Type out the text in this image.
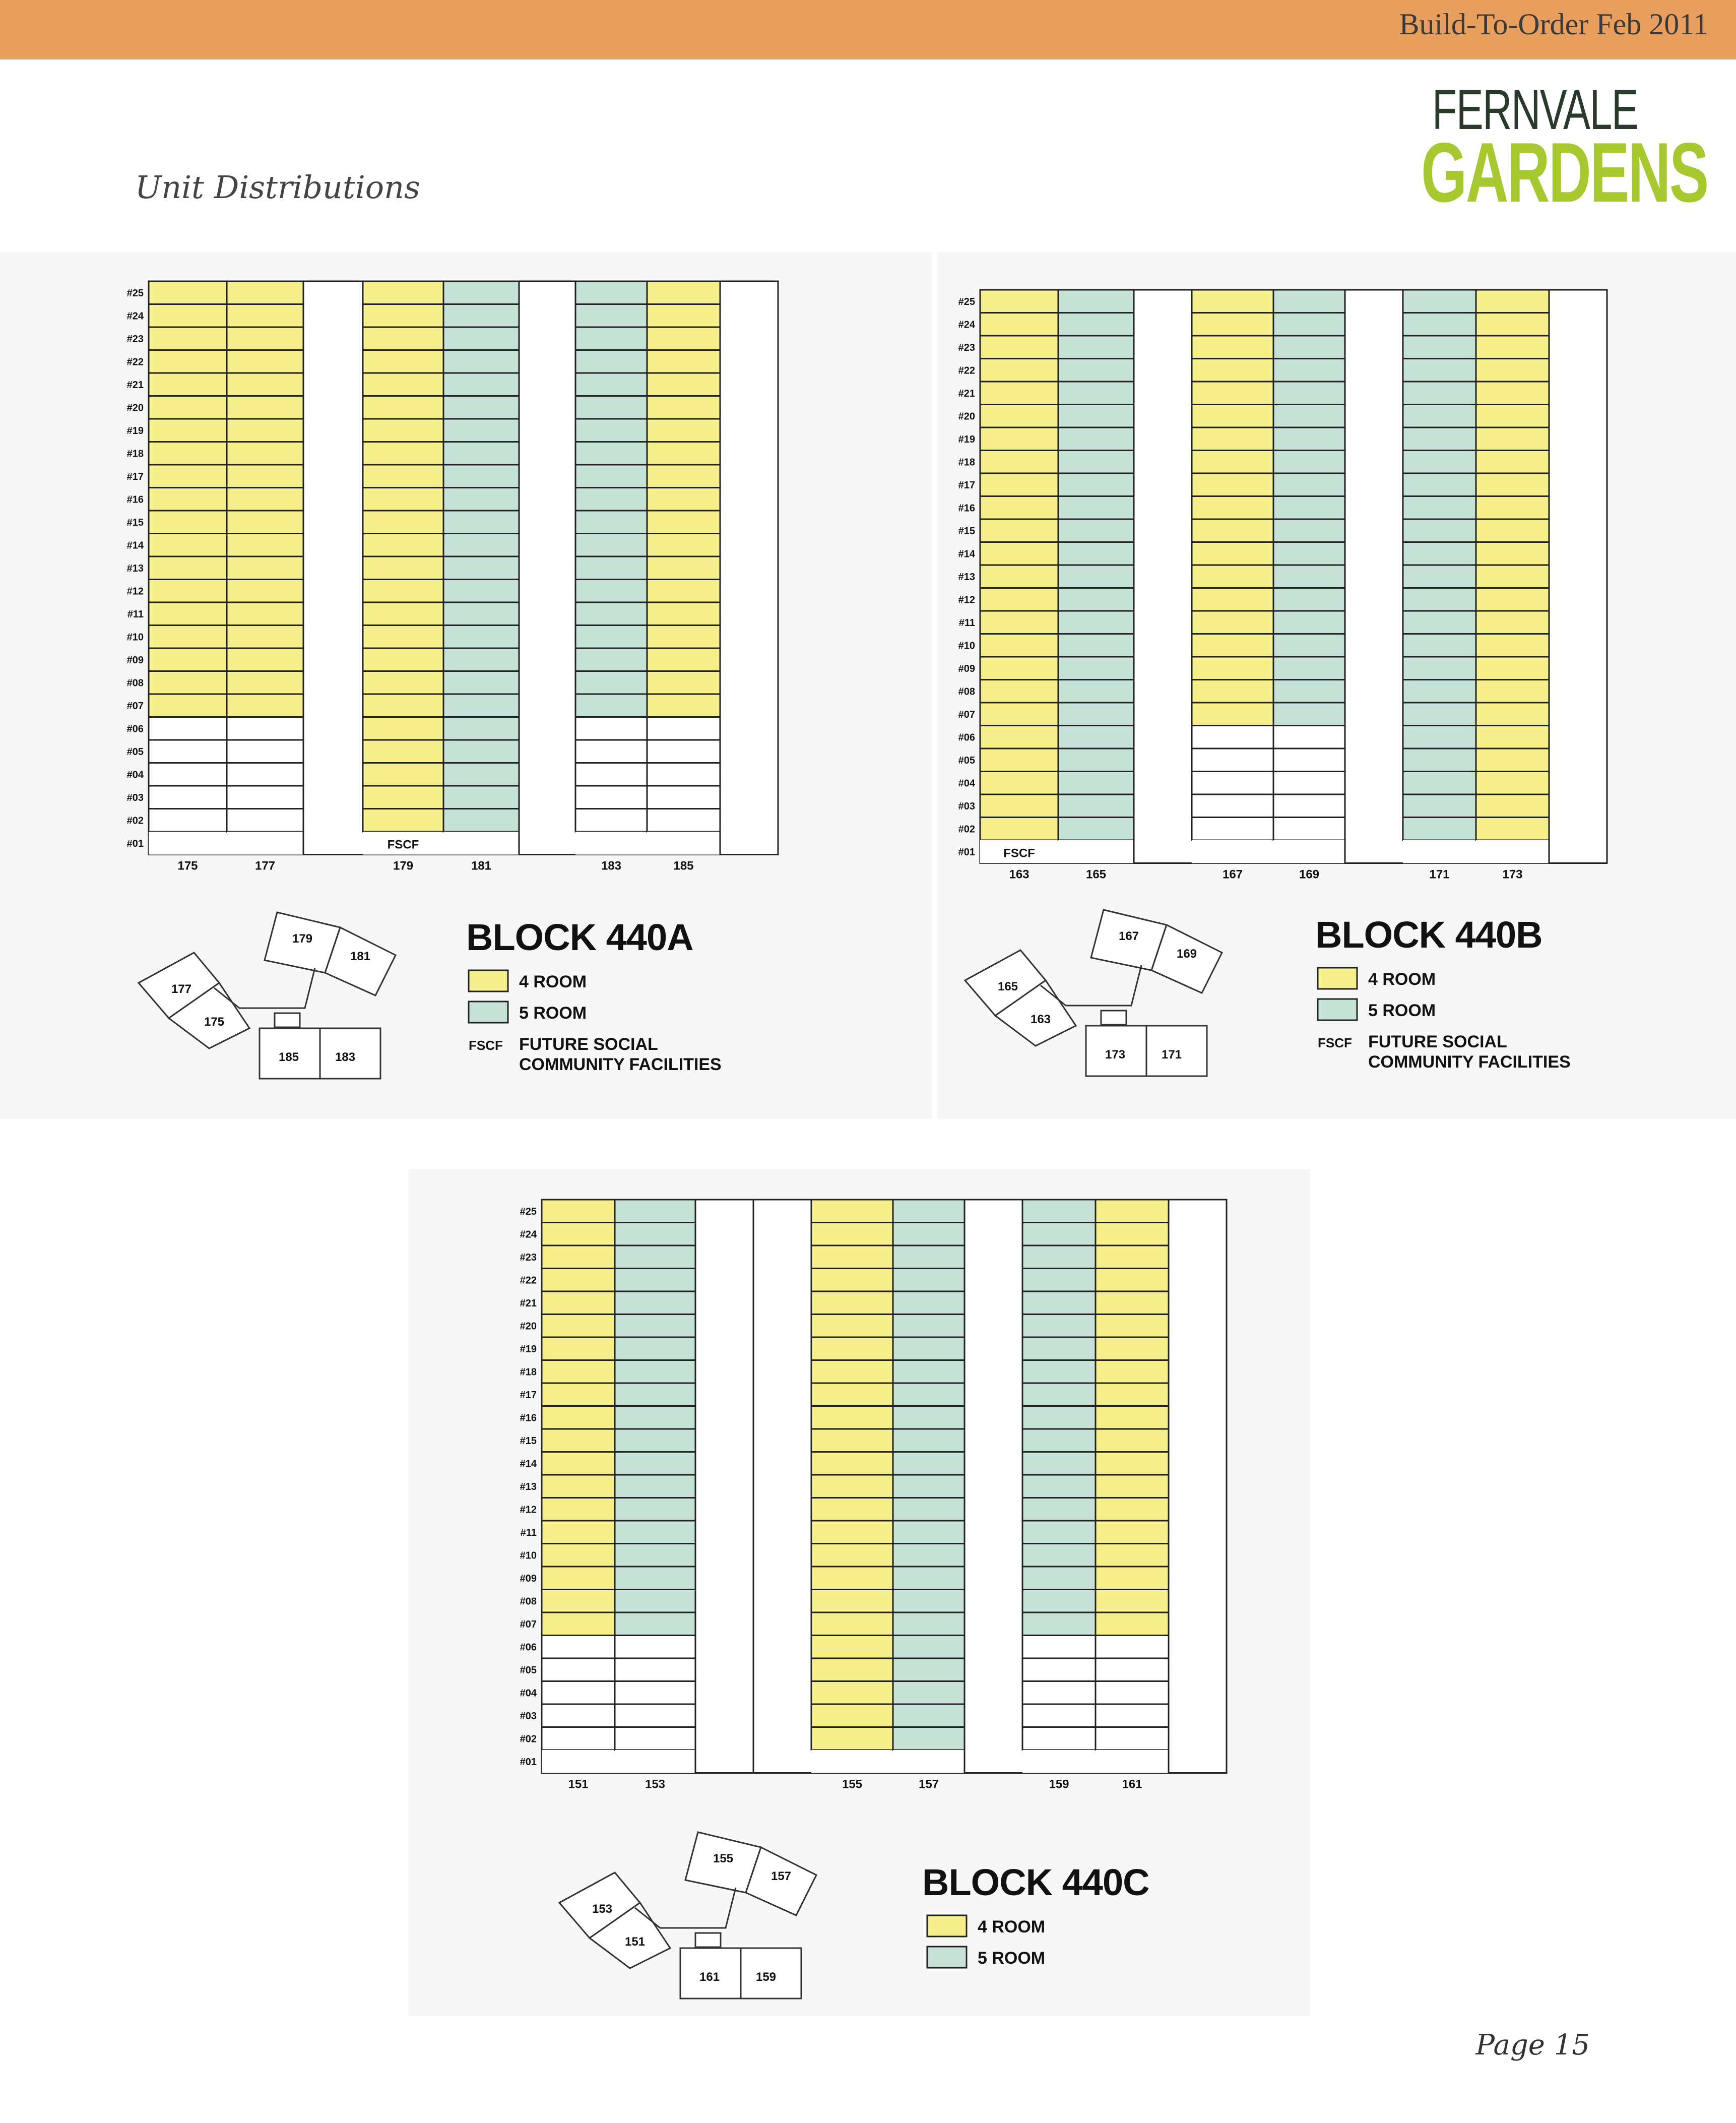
Build-To-Order Feb 2011
Unit Distributions
FERNVALE
GARDENS
175	177	179	181	183	185
FSCF
#25
#24
#23
#22
#21
#20
#19
#18
#17
#16
#15
#14
#13
#12
#11
#10
#09
#08
#07
#06
#05
#04
#03
#02
#01
BLOCK 440A
4 ROOM
5 ROOM
FSCF FUTURE SOCIAL
COMMUNITY FACILITIES
179
181
177
175
185	183
163	165	167	169	171	173
FSCF
#25
#24
#23
#22
#21
#20
#19
#18
#17
#16
#15
#14
#13
#12
#11
#10
#09
#08
#07
#06
#05
#04
#03
#02
#01
BLOCK 440B
4 ROOM
5 ROOM
FSCF FUTURE SOCIAL
COMMUNITY FACILITIES
167
169
165
163
173	171
151	153	155	157	159	161
#25
#24
#23
#22
#21
#20
#19
#18
#17
#16
#15
#14
#13
#12
#11
#10
#09
#08
#07
#06
#05
#04
#03
#02
#01
BLOCK 440C
4 ROOM
5 ROOM
155
157
153
151
161	159
Page 15
